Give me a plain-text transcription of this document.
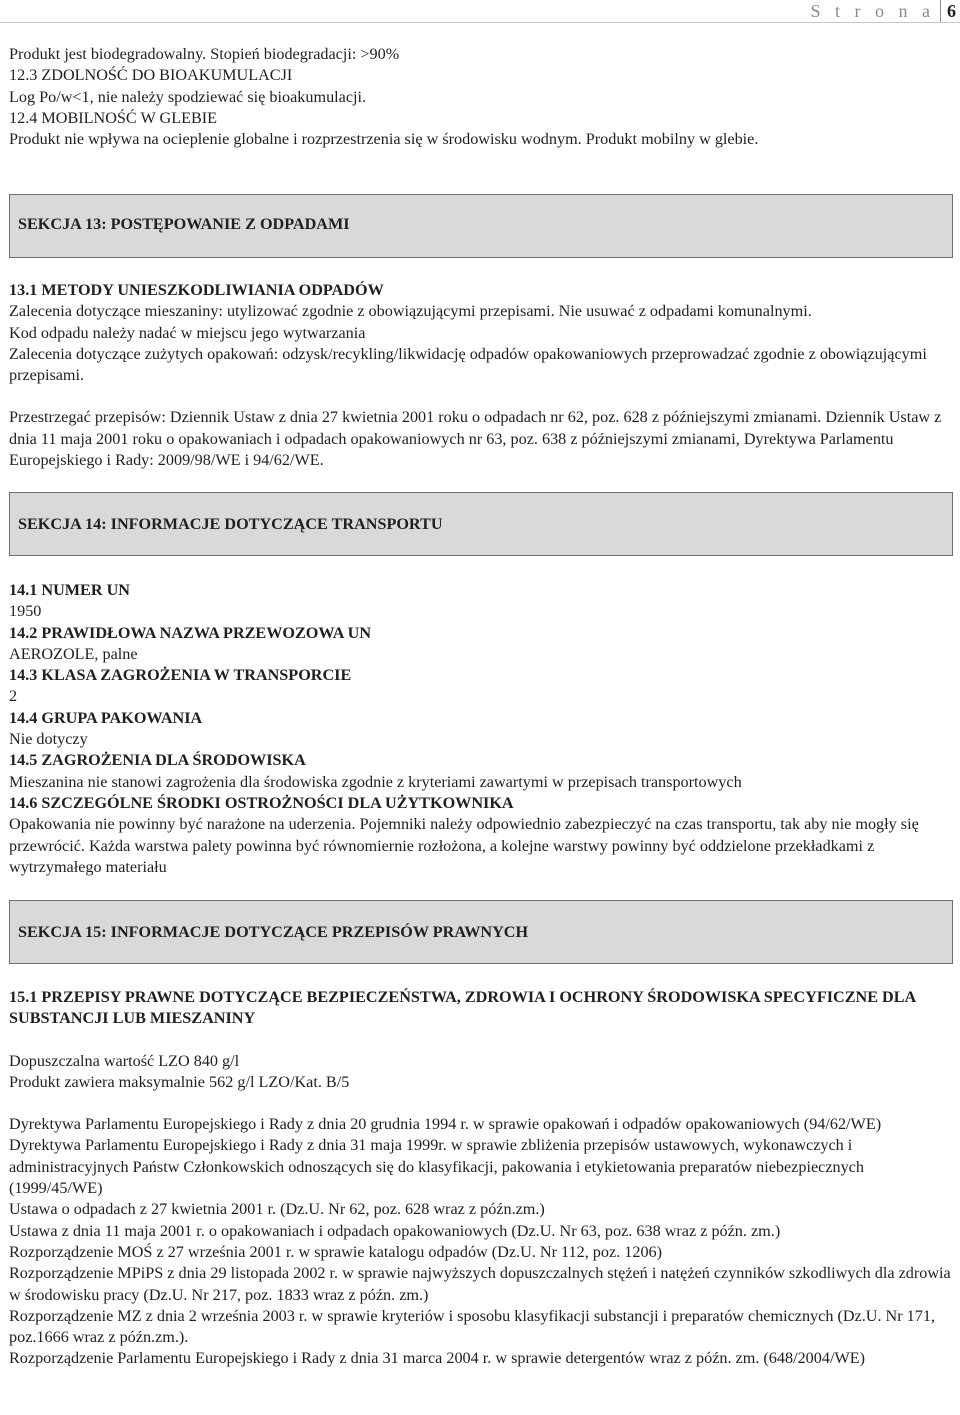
S t r o n a 6
Produkt jest biodegradowalny. Stopień biodegradacji: >90%
12.3 ZDOLNOŚĆ DO BIOAKUMULACJI
Log Po/w<1, nie należy spodziewać się bioakumulacji.
12.4 MOBILNOŚĆ W GLEBIE
Produkt nie wpływa na ocieplenie globalne i rozprzestrzenia się w środowisku wodnym. Produkt mobilny w glebie.
SEKCJA 13: POSTĘPOWANIE Z ODPADAMI
13.1 METODY UNIESZKODLIWIANIA ODPADÓW
Zalecenia dotyczące mieszaniny: utylizować zgodnie z obowiązującymi przepisami. Nie usuwać z odpadami komunalnymi.
Kod odpadu należy nadać w miejscu jego wytwarzania
Zalecenia dotyczące zużytych opakowań: odzysk/recykling/likwidację odpadów opakowaniowych przeprowadzać zgodnie z obowiązującymi przepisami.
Przestrzegać przepisów: Dziennik Ustaw z dnia 27 kwietnia 2001 roku o odpadach nr 62, poz. 628 z późniejszymi zmianami. Dziennik Ustaw z dnia 11 maja 2001 roku o opakowaniach i odpadach opakowaniowych nr 63, poz. 638 z późniejszymi zmianami, Dyrektywa Parlamentu Europejskiego i Rady: 2009/98/WE i 94/62/WE.
SEKCJA 14: INFORMACJE DOTYCZĄCE TRANSPORTU
14.1 NUMER UN
1950
14.2 PRAWIDŁOWA NAZWA PRZEWOZOWA UN
AEROZOLE, palne
14.3 KLASA ZAGROŻENIA W TRANSPORCIE
2
14.4 GRUPA PAKOWANIA
Nie dotyczy
14.5 ZAGROŻENIA DLA ŚRODOWISKA
Mieszanina nie stanowi zagrożenia dla środowiska zgodnie z kryteriami zawartymi w przepisach transportowych
14.6 SZCZEGÓLNE ŚRODKI OSTROŻNOŚCI DLA UŻYTKOWNIKA
Opakowania nie powinny być narażone na uderzenia. Pojemniki należy odpowiednio zabezpieczyć na czas transportu, tak aby nie mogły się przewrócić. Każda warstwa palety powinna być równomiernie rozłożona, a kolejne warstwy powinny być oddzielone przekładkami z wytrzymałego materiału
SEKCJA 15: INFORMACJE DOTYCZĄCE PRZEPISÓW PRAWNYCH
15.1 PRZEPISY PRAWNE DOTYCZĄCE BEZPIECZEŃSTWA, ZDROWIA I OCHRONY ŚRODOWISKA SPECYFICZNE DLA SUBSTANCJI LUB MIESZANINY
Dopuszczalna wartość LZO 840 g/l
Produkt zawiera maksymalnie 562 g/l LZO/Kat. B/5
Dyrektywa Parlamentu Europejskiego i Rady z dnia 20 grudnia 1994 r. w sprawie opakowań i odpadów opakowaniowych (94/62/WE)
Dyrektywa Parlamentu Europejskiego i Rady z dnia 31 maja 1999r. w sprawie zbliżenia przepisów ustawowych, wykonawczych i administracyjnych Państw Członkowskich odnoszących się do klasyfikacji, pakowania i etykietowania preparatów niebezpiecznych (1999/45/WE)
Ustawa o odpadach z 27 kwietnia 2001 r. (Dz.U. Nr 62, poz. 628 wraz z późn.zm.)
Ustawa z dnia 11 maja 2001 r. o opakowaniach i odpadach opakowaniowych (Dz.U. Nr 63, poz. 638 wraz z późn. zm.)
Rozporządzenie MOŚ z 27 września 2001 r. w sprawie katalogu odpadów (Dz.U. Nr 112, poz. 1206)
Rozporządzenie MPiPS z dnia 29 listopada 2002 r. w sprawie najwyższych dopuszczalnych stężeń i natężeń czynników szkodliwych dla zdrowia w środowisku pracy (Dz.U. Nr 217, poz. 1833 wraz z późn. zm.)
Rozporządzenie MZ z dnia 2 września 2003 r. w sprawie kryteriów i sposobu klasyfikacji substancji i preparatów chemicznych (Dz.U. Nr 171, poz.1666 wraz z późn.zm.).
Rozporządzenie Parlamentu Europejskiego i Rady z dnia 31 marca 2004 r. w sprawie detergentów wraz z późn. zm. (648/2004/WE)
